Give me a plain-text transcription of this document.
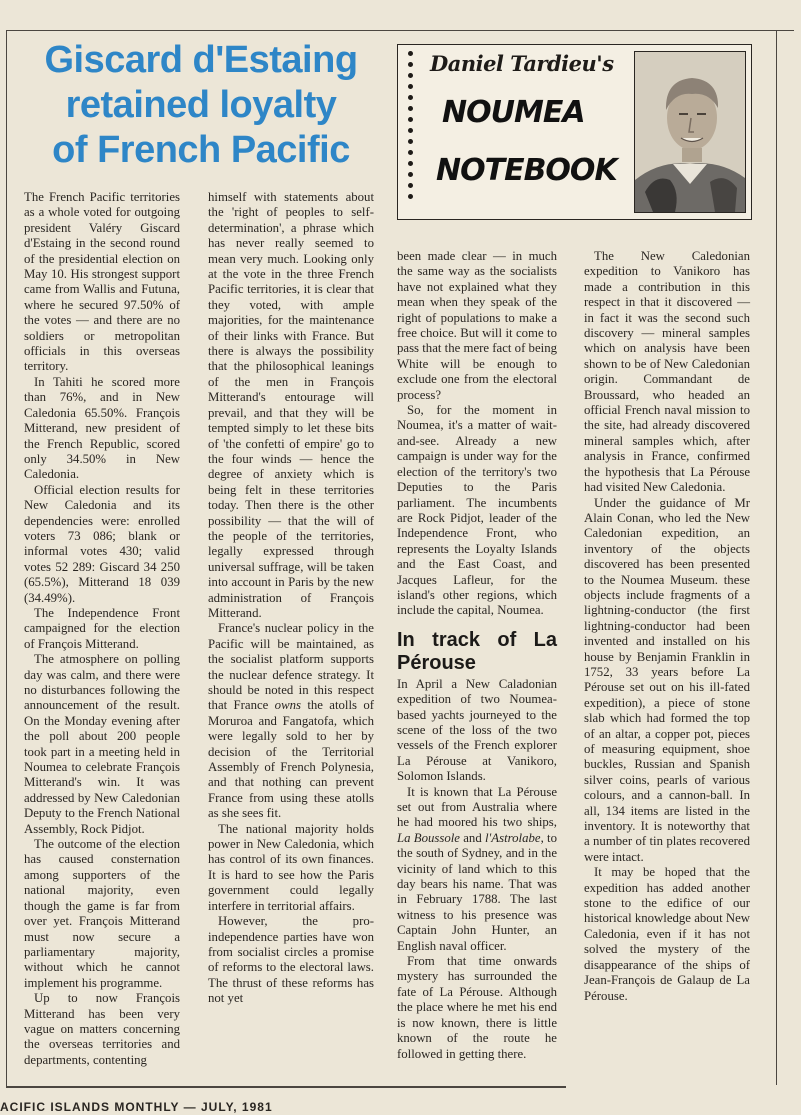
Giscard d'Estaing
retained loyalty
of French Pacific
Daniel Tardieu's
NOUMEA
NOTEBOOK

The French Pacific territories as a whole voted for outgoing president Valéry Giscard d'Estaing in the second round of the presidential election on May 10. His strongest support came from Wallis and Futuna, where he secured 97.50% of the votes — and there are no soldiers or metropolitan officials in this overseas territory.

In Tahiti he scored more than 76%, and in New Caledonia 65.50%. François Mitterand, new president of the French Republic, scored only 34.50% in New Caledonia.

Official election results for New Caledonia and its dependencies were: enrolled voters 73 086; blank or informal votes 430; valid votes 52 289: Giscard 34 250 (65.5%), Mitterand 18 039 (34.49%).

The Independence Front campaigned for the election of François Mitterand.

The atmosphere on polling day was calm, and there were no disturbances following the announcement of the result. On the Monday evening after the poll about 200 people took part in a meeting held in Noumea to celebrate François Mitterand's win. It was addressed by New Caledonian Deputy to the French National Assembly, Rock Pidjot.

The outcome of the election has caused consternation among supporters of the national majority, even though the game is far from over yet. François Mitterand must now secure a parliamentary majority, without which he cannot implement his programme.

Up to now François Mitterand has been very vague on matters concerning the overseas territories and departments, contenting

himself with statements about the 'right of peoples to self-determination', a phrase which has never really seemed to mean very much. Looking only at the vote in the three French Pacific territories, it is clear that they voted, with ample majorities, for the maintenance of their links with France. But there is always the possibility that the philosophical leanings of the men in François Mitterand's entourage will prevail, and that they will be tempted simply to let these bits of 'the confetti of empire' go to the four winds — hence the degree of anxiety which is being felt in these territories today. Then there is the other possibility — that the will of the people of the territories, legally expressed through universal suffrage, will be taken into account in Paris by the new administration of François Mitterand.

France's nuclear policy in the Pacific will be maintained, as the socialist platform supports the nuclear defence strategy. It should be noted in this respect that France owns the atolls of Moruroa and Fangatofa, which were legally sold to her by decision of the Territorial Assembly of French Polynesia, and that nothing can prevent France from using these atolls as she sees fit.

The national majority holds power in New Caledonia, which has control of its own finances. It is hard to see how the Paris government could legally interfere in territorial affairs.

However, the pro-independence parties have won from socialist circles a promise of reforms to the electoral laws. The thrust of these reforms has not yet

been made clear — in much the same way as the socialists have not explained what they mean when they speak of the right of populations to make a free choice. But will it come to pass that the mere fact of being White will be enough to exclude one from the electoral process?

So, for the moment in Noumea, it's a matter of wait-and-see. Already a new campaign is under way for the election of the territory's two Deputies to the Paris parliament. The incumbents are Rock Pidjot, leader of the Independence Front, who represents the Loyalty Islands and the East Coast, and Jacques Lafleur, for the island's other regions, which include the capital, Noumea.

In track of La Pérouse

In April a New Caladonian expedition of two Noumea-based yachts journeyed to the scene of the loss of the two vessels of the French explorer La Pérouse at Vanikoro, Solomon Islands.

It is known that La Pérouse set out from Australia where he had moored his two ships, La Boussole and l'Astrolabe, to the south of Sydney, and in the vicinity of land which to this day bears his name. That was in February 1788. The last witness to his presence was Captain John Hunter, an English naval officer.

From that time onwards mystery has surrounded the fate of La Pérouse. Although the place where he met his end is now known, there is little known of the route he followed in getting there.

The New Caledonian expedition to Vanikoro has made a contribution in this respect in that it discovered — in fact it was the second such discovery — mineral samples which on analysis have been shown to be of New Caledonian origin. Commandant de Broussard, who headed an official French naval mission to the site, had already discovered mineral samples which, after analysis in France, confirmed the hypothesis that La Pérouse had visited New Caledonia.

Under the guidance of Mr Alain Conan, who led the New Caledonian expedition, an inventory of the objects discovered has been presented to the Noumea Museum. these objects include fragments of a lightning-conductor (the first lightning-conductor had been invented and installed on his house by Benjamin Franklin in 1752, 33 years before La Pérouse set out on his ill-fated expedition), a piece of stone slab which had formed the top of an altar, a copper pot, pieces of measuring equipment, shoe buckles, Russian and Spanish silver coins, pearls of various colours, and a cannon-ball. In all, 134 items are listed in the inventory. It is noteworthy that a number of tin plates recovered were intact.

It may be hoped that the expedition has added another stone to the edifice of our historical knowledge about New Caledonia, even if it has not solved the mystery of the disappearance of the ships of Jean-François de Galaup de La Pérouse.

ACIFIC ISLANDS MONTHLY — JULY, 1981
